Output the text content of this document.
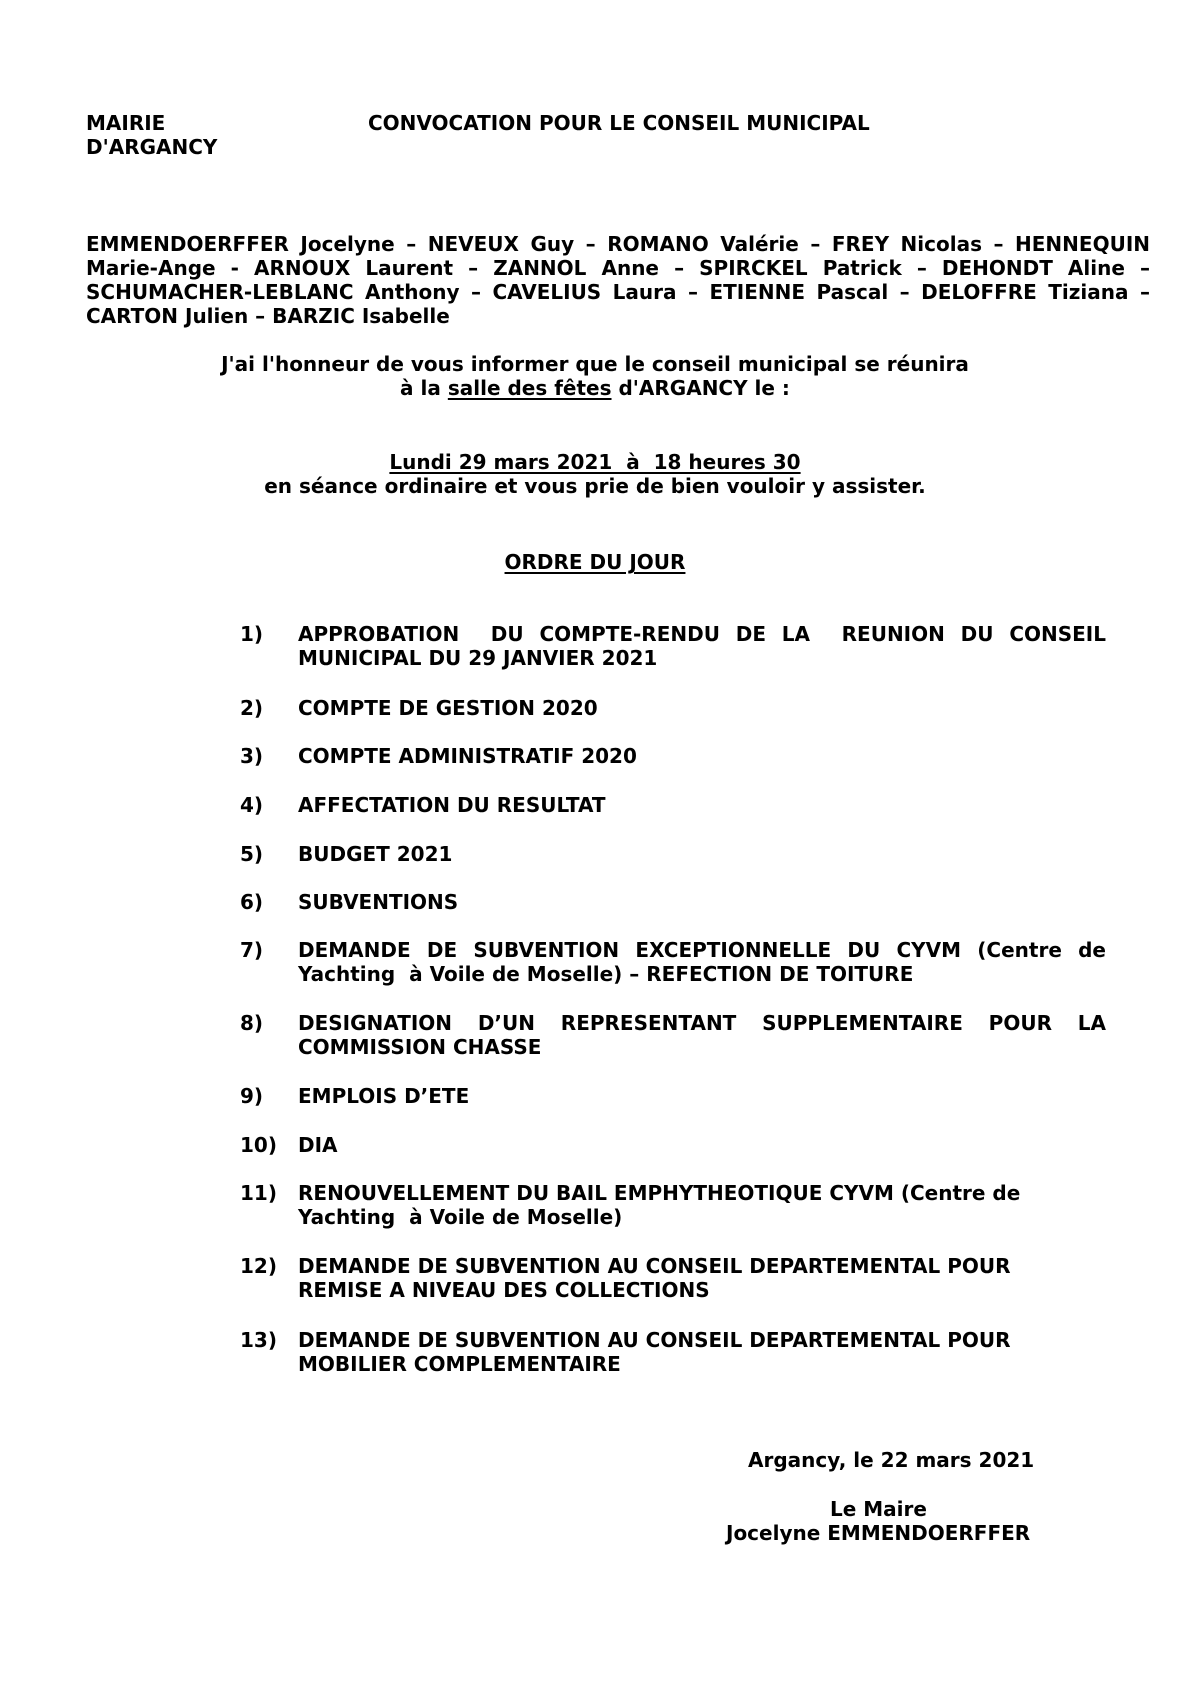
MAIRIE
D'ARGANCY
CONVOCATION POUR LE CONSEIL MUNICIPAL
EMMENDOERFFER Jocelyne – NEVEUX Guy – ROMANO Valérie – FREY Nicolas – HENNEQUIN
Marie-Ange - ARNOUX Laurent – ZANNOL Anne – SPIRCKEL Patrick – DEHONDT Aline –
SCHUMACHER-LEBLANC Anthony – CAVELIUS Laura – ETIENNE Pascal – DELOFFRE Tiziana –
CARTON Julien – BARZIC Isabelle
J'ai l'honneur de vous informer que le conseil municipal se réunira
à la salle des fêtes d'ARGANCY le :
Lundi 29 mars 2021  à  18 heures 30
en séance ordinaire et vous prie de bien vouloir y assister.
ORDRE DU JOUR
1) APPROBATION  DU COMPTE-RENDU DE LA  REUNION DU CONSEIL
MUNICIPAL DU 29 JANVIER 2021
2) COMPTE DE GESTION 2020
3) COMPTE ADMINISTRATIF 2020
4) AFFECTATION DU RESULTAT
5) BUDGET 2021
6) SUBVENTIONS
7) DEMANDE DE SUBVENTION EXCEPTIONNELLE DU CYVM (Centre de
Yachting  à Voile de Moselle) – REFECTION DE TOITURE
8) DESIGNATION D’UN REPRESENTANT SUPPLEMENTAIRE POUR LA
COMMISSION CHASSE
9) EMPLOIS D’ETE
10) DIA
11) RENOUVELLEMENT DU BAIL EMPHYTHEOTIQUE CYVM (Centre de
Yachting  à Voile de Moselle)
12) DEMANDE DE SUBVENTION AU CONSEIL DEPARTEMENTAL POUR
REMISE A NIVEAU DES COLLECTIONS
13) DEMANDE DE SUBVENTION AU CONSEIL DEPARTEMENTAL POUR
MOBILIER COMPLEMENTAIRE
Argancy, le 22 mars 2021
Le Maire
Jocelyne EMMENDOERFFER
